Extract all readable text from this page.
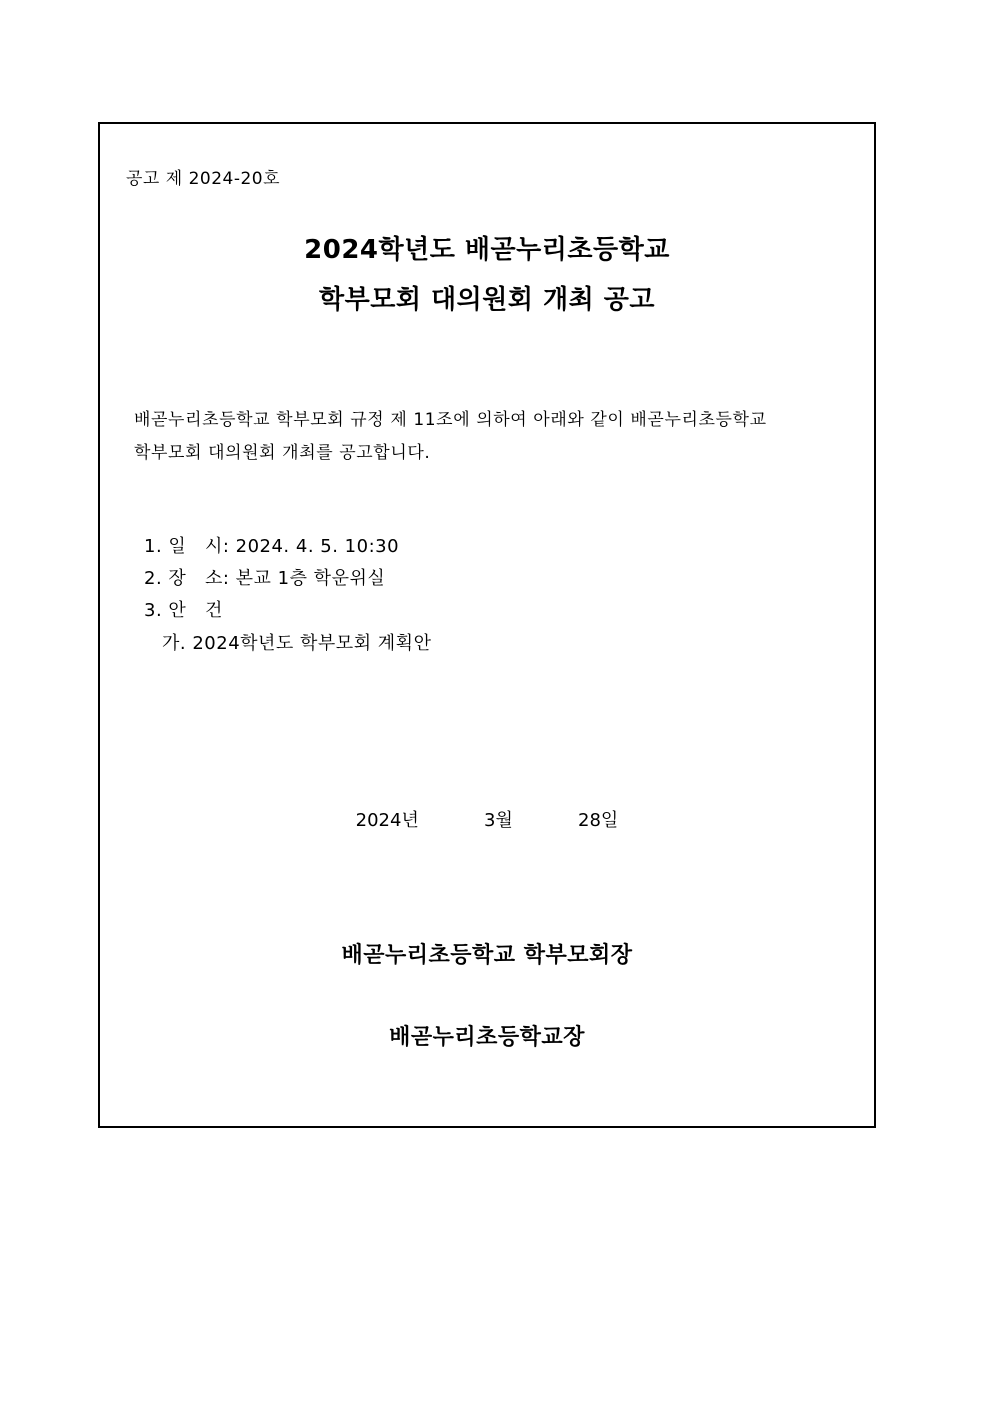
공고 제 2024-20호
2024학년도 배곧누리초등학교
학부모회 대의원회 개최 공고
배곧누리초등학교 학부모회 규정 제 11조에 의하여 아래와 같이 배곧누리초등학교
학부모회 대의원회 개최를 공고합니다.
1. 일   시: 2024. 4. 5. 10:30
2. 장   소: 본교 1층 학운위실
3. 안   건
가. 2024학년도 학부모회 계획안
2024년   3월   28일
배곧누리초등학교 학부모회장
배곧누리초등학교장
